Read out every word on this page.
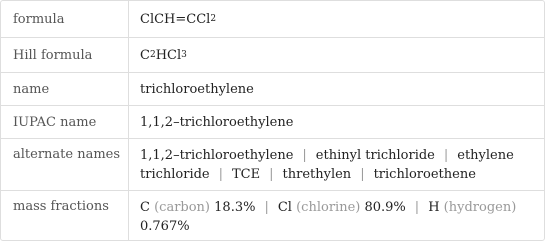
formula	ClCH=CCl 2
Hill formula	C 2 HCl 3
name	trichloroethylene
IUPAC name	1,1,2–trichloroethylene
alternate names	1,1,2–trichloroethylene | ethinyl trichloride | ethylene trichloride | TCE | threthylen | trichloroethene
mass fractions	C (carbon) 18.3% | Cl (chlorine) 80.9% | H (hydrogen) 0.767%
